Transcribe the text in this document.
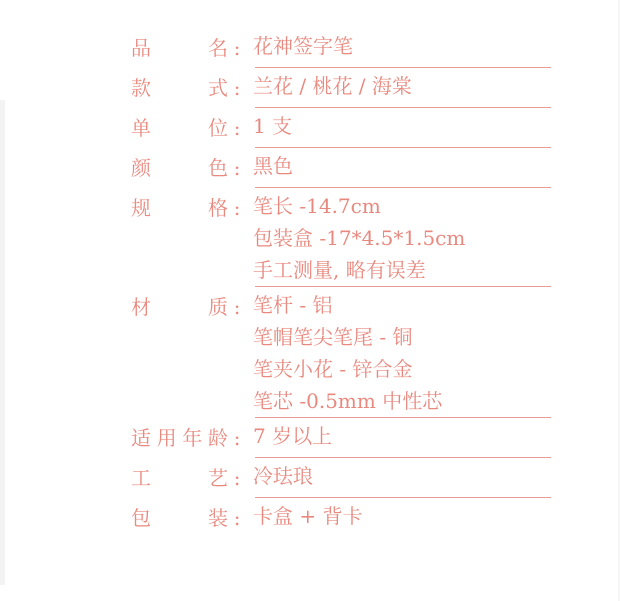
品　　名: 花神签字笔
款　　式: 兰花 / 桃花 / 海棠
单　　位: 1 支
颜　　色: 黑色
规　　格: 笔长 -14.7cm
包装盒 -17*4.5*1.5cm
手工测量, 略有误差
材　　质: 笔杆 - 铝
笔帽笔尖笔尾 - 铜
笔夹小花 - 锌合金
笔芯 -0.5mm 中性芯
适用年龄: 7 岁以上
工　　艺: 冷珐琅
包　　装: 卡盒 + 背卡
